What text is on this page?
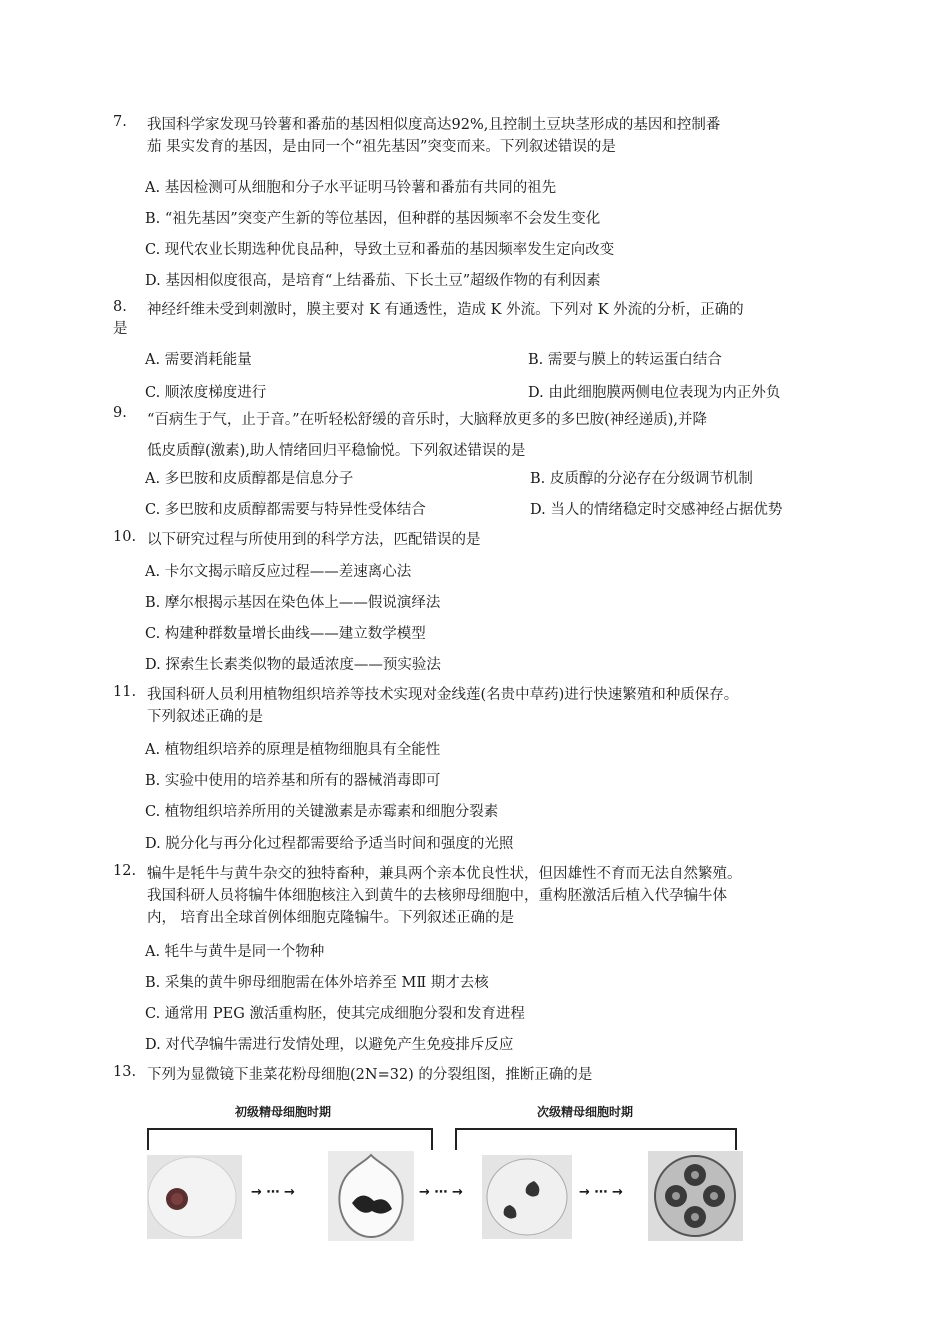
7.	我国科学家发现马铃薯和番茄的基因相似度高达92%,且控制土豆块茎形成的基因和控制番
茄 果实发育的基因，是由同一个“祖先基因”突变而来。下列叙述错误的是
A. 基因检测可从细胞和分子水平证明马铃薯和番茄有共同的祖先
B. “祖先基因”突变产生新的等位基因，但种群的基因频率不会发生变化
C. 现代农业长期选种优良品种，导致土豆和番茄的基因频率发生定向改变
D. 基因相似度很高，是培育“上结番茄、下长土豆”超级作物的有利因素
8.	神经纤维未受到刺激时，膜主要对 K 有通透性，造成 K 外流。下列对 K 外流的分析，正确的
是
A. 需要消耗能量	B. 需要与膜上的转运蛋白结合
C. 顺浓度梯度进行	D. 由此细胞膜两侧电位表现为内正外负
9.	“百病生于气，止于音。”在听轻松舒缓的音乐时，大脑释放更多的多巴胺(神经递质),并降
低皮质醇(激素),助人情绪回归平稳愉悦。下列叙述错误的是
A. 多巴胺和皮质醇都是信息分子	B. 皮质醇的分泌存在分级调节机制
C. 多巴胺和皮质醇都需要与特异性受体结合	D. 当人的情绪稳定时交感神经占据优势
10. 以下研究过程与所使用到的科学方法，匹配错误的是
A. 卡尔文揭示暗反应过程——差速离心法
B. 摩尔根揭示基因在染色体上——假说演绎法
C. 构建种群数量增长曲线——建立数学模型
D. 探索生长素类似物的最适浓度——预实验法
11. 我国科研人员利用植物组织培养等技术实现对金线莲(名贵中草药)进行快速繁殖和种质保存。
下列叙述正确的是
A. 植物组织培养的原理是植物细胞具有全能性
B. 实验中使用的培养基和所有的器械消毒即可
C. 植物组织培养所用的关键激素是赤霉素和细胞分裂素
D. 脱分化与再分化过程都需要给予适当时间和强度的光照
12. 犏牛是牦牛与黄牛杂交的独特畜种，兼具两个亲本优良性状，但因雄性不育而无法自然繁殖。
我国科研人员将犏牛体细胞核注入到黄牛的去核卵母细胞中，重构胚激活后植入代孕犏牛体
内， 培育出全球首例体细胞克隆犏牛。下列叙述正确的是
A. 牦牛与黄牛是同一个物种
B. 采集的黄牛卵母细胞需在体外培养至 MⅡ 期才去核
C. 通常用 PEG 激活重构胚，使其完成细胞分裂和发育进程
D. 对代孕犏牛需进行发情处理，以避免产生免疫排斥反应
13. 下列为显微镜下韭菜花粉母细胞(2N=32) 的分裂组图，推断正确的是
初级精母细胞时期	次级精母细胞时期
→ ⋯ →	→ ⋯ →	→ ⋯ →
